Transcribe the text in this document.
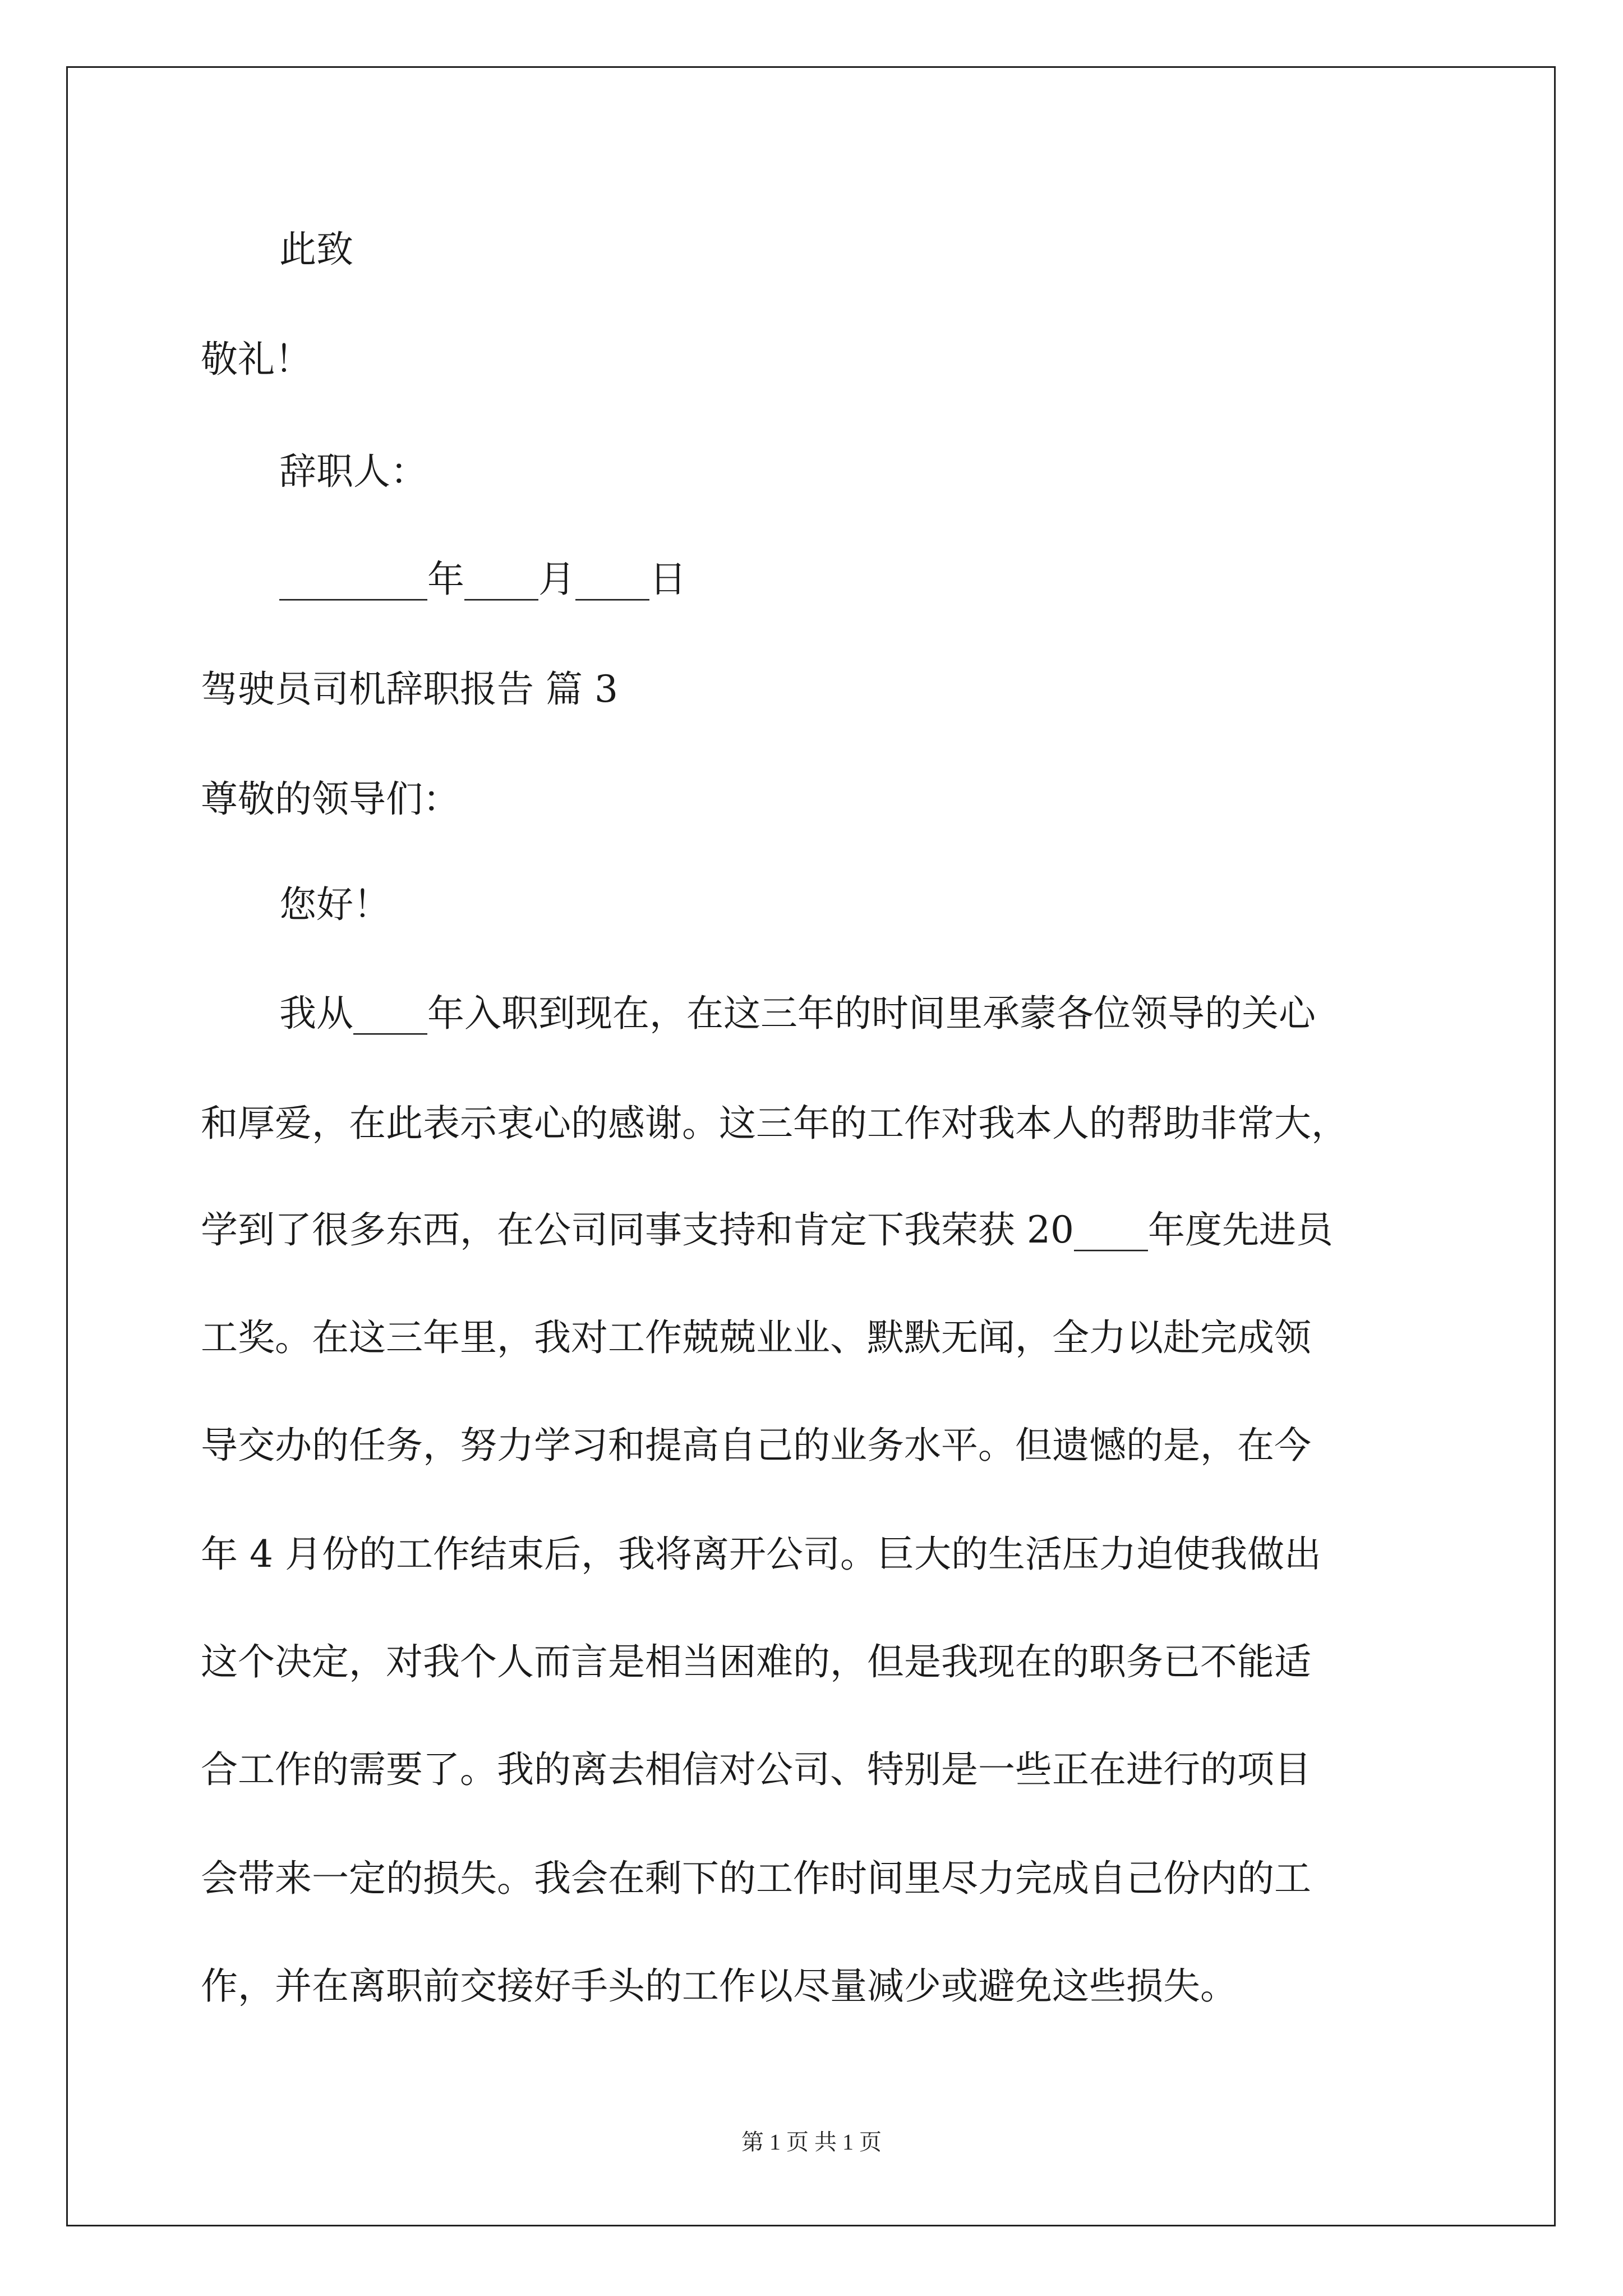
此致
敬礼！
辞职人：
________年____月____日
驾驶员司机辞职报告 篇 3
尊敬的领导们：
您好！
我从____年入职到现在，在这三年的时间里承蒙各位领导的关心
和厚爱，在此表示衷心的感谢。这三年的工作对我本人的帮助非常大，
学到了很多东西，在公司同事支持和肯定下我荣获 20____年度先进员
工奖。在这三年里，我对工作兢兢业业、默默无闻，全力以赴完成领
导交办的任务，努力学习和提高自己的业务水平。但遗憾的是，在今
年 4 月份的工作结束后，我将离开公司。巨大的生活压力迫使我做出
这个决定，对我个人而言是相当困难的，但是我现在的职务已不能适
合工作的需要了。我的离去相信对公司、特别是一些正在进行的项目
会带来一定的损失。我会在剩下的工作时间里尽力完成自己份内的工
作，并在离职前交接好手头的工作以尽量减少或避免这些损失。
第 1 页 共 1 页
